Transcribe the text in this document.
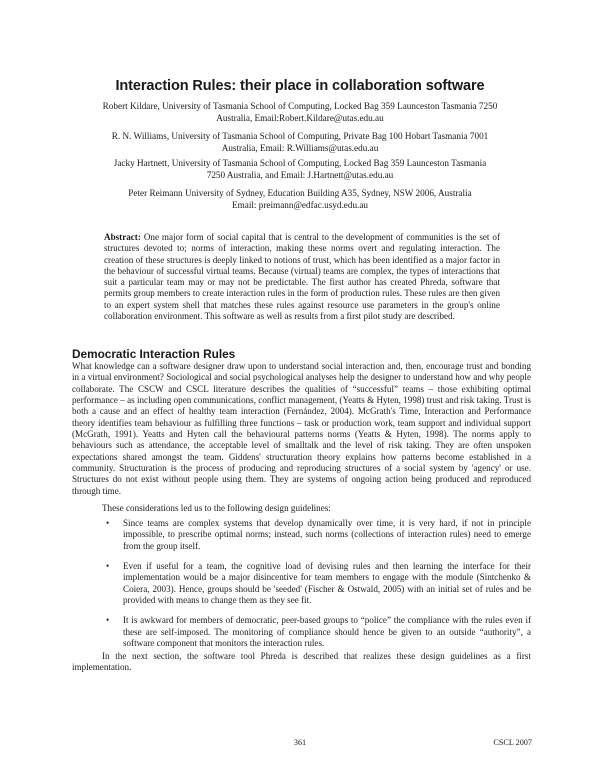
Interaction Rules: their place in collaboration software
Robert Kildare, University of Tasmania School of Computing, Locked Bag 359 Launceston Tasmania 7250
Australia, Email:Robert.Kildare@utas.edu.au
R. N. Williams, University of Tasmania School of Computing, Private Bag 100 Hobart Tasmania 7001
Australia, Email: R.Williams@utas.edu.au
Jacky Hartnett, University of Tasmania School of Computing, Locked Bag 359 Launceston Tasmania
7250 Australia, and Email: J.Hartnett@utas.edu.au
Peter Reimann University of Sydney, Education Building A35, Sydney, NSW 2006, Australia
Email: preimann@edfac.usyd.edu.au
Abstract: One major form of social capital that is central to the development of communities is the set of structures devoted to; norms of interaction, making these norms overt and regulating interaction. The creation of these structures is deeply linked to notions of trust, which has been identified as a major factor in the behaviour of successful virtual teams. Because (virtual) teams are complex, the types of interactions that suit a particular team may or may not be predictable. The first author has created Phreda, software that permits group members to create interaction rules in the form of production rules. These rules are then given to an expert system shell that matches these rules against resource use parameters in the group's online collaboration environment. This software as well as results from a first pilot study are described.
Democratic Interaction Rules
What knowledge can a software designer draw upon to understand social interaction and, then, encourage trust and bonding in a virtual environment? Sociological and social psychological analyses help the designer to understand how and why people collaborate. The CSCW and CSCL literature describes the qualities of “successful” teams – those exhibiting optimal performance – as including open communications, conflict management, (Yeatts & Hyten, 1998) trust and risk taking. Trust is both a cause and an effect of healthy team interaction (Fernández, 2004). McGrath's Time, Interaction and Performance theory identifies team behaviour as fulfilling three functions – task or production work, team support and individual support (McGrath, 1991). Yeatts and Hyten call the behavioural patterns norms (Yeatts & Hyten, 1998). The norms apply to behaviours such as attendance, the acceptable level of smalltalk and the level of risk taking. They are often unspoken expectations shared amongst the team. Giddens' structuration theory explains how patterns become established in a community. Structuration is the process of producing and reproducing structures of a social system by 'agency' or use. Structures do not exist without people using them. They are systems of ongoing action being produced and reproduced through time.
These considerations led us to the following design guidelines:
• Since teams are complex systems that develop dynamically over time, it is very hard, if not in principle impossible, to prescribe optimal norms; instead, such norms (collections of interaction rules) need to emerge from the group itself.
• Even if useful for a team, the cognitive load of devising rules and then learning the interface for their implementation would be a major disincentive for team members to engage with the module (Sintchenko & Coiera, 2003). Hence, groups should be 'seeded' (Fischer & Ostwald, 2005) with an initial set of rules and be provided with means to change them as they see fit.
• It is awkward for members of democratic, peer-based groups to “police” the compliance with the rules even if these are self-imposed. The monitoring of compliance should hence be given to an outside “authority”, a software component that monitors the interaction rules.
In the next section, the software tool Phreda is described that realizes these design guidelines as a first implementation.
361	CSCL 2007
